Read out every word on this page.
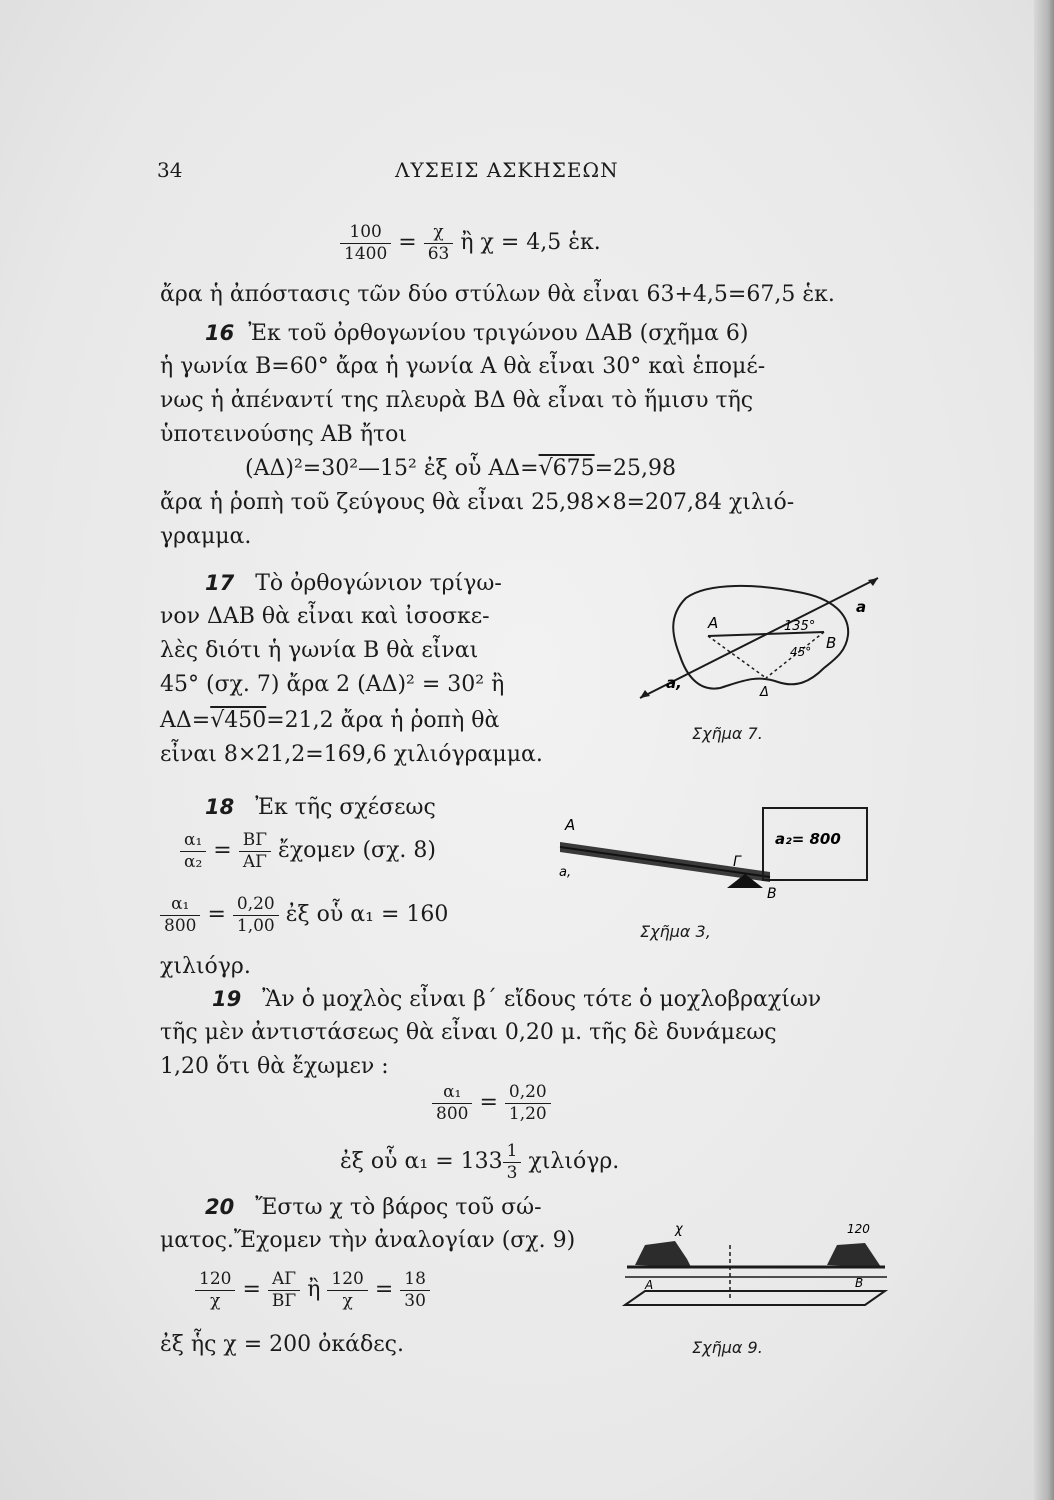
34	ΛΥΣΕΙΣ ΑΣΚΗΣΕΩΝ
$\frac{100}{1400} = \frac{\chi}{63}$ ἢ χ = 4,5 ἑκ.
ἄρα ἡ ἀπόστασις τῶν δύο στύλων θὰ εἶναι 63+4,5=67,5 ἑκ.
16 Ἐκ τοῦ ὀρθογωνίου τριγώνου ΔΑΒ (σχῆμα 6)
ἡ γωνία Β=60° ἄρα ἡ γωνία Α θὰ εἶναι 30° καὶ ἑπομέ-
νως ἡ ἀπέναντί της πλευρὰ ΒΔ θὰ εἶναι τὸ ἥμισυ τῆς
ὑποτεινούσης ΑΒ ἤτοι
(ΑΔ)²=30²—15² ἐξ οὗ ΑΔ=√675=25,98
ἄρα ἡ ῥοπὴ τοῦ ζεύγους θὰ εἶναι 25,98×8=207,84 χιλιό-
γραμμα.
17 Τὸ ὀρθογώνιον τρίγω-
νον ΔΑΒ θὰ εἶναι καὶ ἰσοσκε-
λὲς διότι ἡ γωνία Β θὰ εἶναι
45° (σχ. 7) ἄρα 2 (ΑΔ)² = 30² ἢ
ΑΔ=√450=21,2 ἄρα ἡ ῥοπὴ θὰ
εἶναι 8×21,2=169,6 χιλιόγραμμα.
A	135°
B
45°
Δ
a
a,
Σχῆμα 7.
18 Ἐκ τῆς σχέσεως
$\frac{\text{α₁}}{\text{α₂}} = \frac{B\Gamma}{A\Gamma}$ ἔχομεν (σχ. 8)
$\frac{\text{α₁}}{800} = \frac{0,20}{1,00}$ ἐξ οὗ α₁ = 160
χιλιόγρ.
a₂= 800
A
a,
Γ
B
Σχῆμα 3,
19 Ἂν ὁ μοχλὸς εἶναι β΄ εἴδους τότε ὁ μοχλοβραχίων
τῆς μὲν ἀντιστάσεως θὰ εἶναι 0,20 μ. τῆς δὲ δυνάμεως
1,20 ὅτι θὰ ἔχωμεν :
$\frac{\text{α₁}}{800} = \frac{0,20}{1,20}$
ἐξ οὗ $\alpha_1 = 133 \frac{1}{3} \chi\iota\lambda\iota ό\gamma\rho$.
20 Ἔστω χ τὸ βάρος τοῦ σώ-
ματος.Ἔχομεν τὴν ἀναλογίαν (σχ. 9)
$\frac{120}{\chi} = \frac{A\Gamma}{B\Gamma}$ ἢ $\frac{120}{\chi} = \frac{18}{30}$
ἐξ ἧς χ = 200 ὀκάδες.
χ	120
A	B
Σχῆμα 9.
